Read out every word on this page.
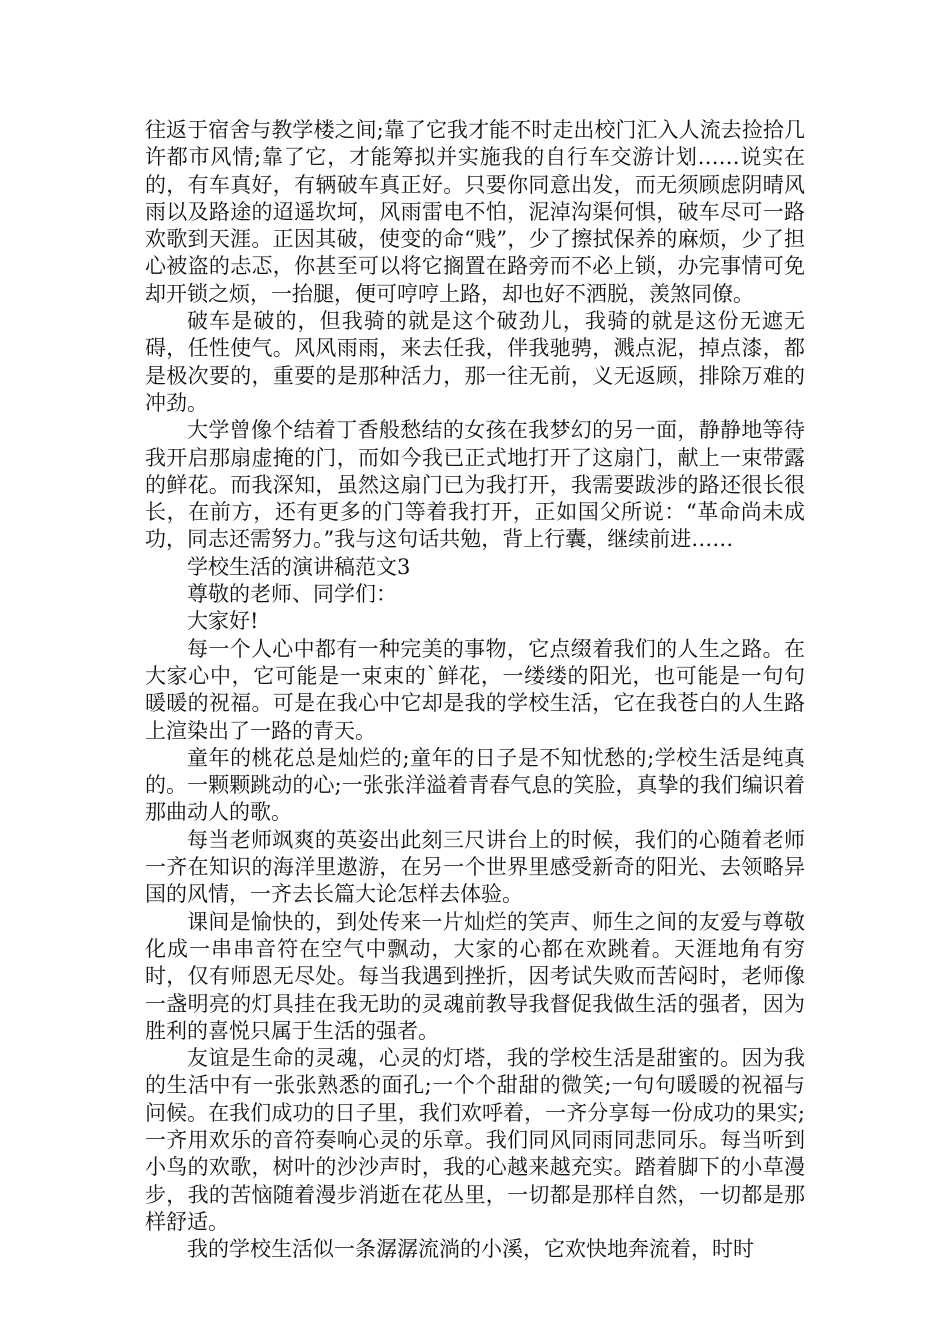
往返于宿舍与教学楼之间;靠了它我才能不时走出校门汇入人流去捡拾几许都市风情;靠了它，才能筹拟并实施我的自行车交游计划……说实在的，有车真好，有辆破车真正好。只要你同意出发，而无须顾虑阴晴风雨以及路途的迢遥坎坷，风雨雷电不怕，泥淖沟渠何惧，破车尽可一路欢歌到天涯。正因其破，使变的命“贱”，少了擦拭保养的麻烦，少了担心被盗的忐忑，你甚至可以将它搁置在路旁而不必上锁，办完事情可免却开锁之烦，一抬腿，便可哼哼上路，却也好不洒脱，羡煞同僚。

破车是破的，但我骑的就是这个破劲儿，我骑的就是这份无遮无碍，任性使气。风风雨雨，来去任我，伴我驰骋，溅点泥，掉点漆，都是极次要的，重要的是那种活力，那一往无前，义无返顾，排除万难的冲劲。

大学曾像个结着丁香般愁结的女孩在我梦幻的另一面，静静地等待我开启那扇虚掩的门，而如今我已正式地打开了这扇门，献上一束带露的鲜花。而我深知，虽然这扇门已为我打开，我需要跋涉的路还很长很长，在前方，还有更多的门等着我打开，正如国父所说：“革命尚未成功，同志还需努力。”我与这句话共勉，背上行囊，继续前进……

学校生活的演讲稿范文3

尊敬的老师、同学们：

大家好!

每一个人心中都有一种完美的事物，它点缀着我们的人生之路。在大家心中，它可能是一束束的`鲜花，一缕缕的阳光，也可能是一句句暖暖的祝福。可是在我心中它却是我的学校生活，它在我苍白的人生路上渲染出了一路的青天。

童年的桃花总是灿烂的;童年的日子是不知忧愁的;学校生活是纯真的。一颗颗跳动的心;一张张洋溢着青春气息的笑脸，真挚的我们编识着那曲动人的歌。

每当老师飒爽的英姿出此刻三尺讲台上的时候，我们的心随着老师一齐在知识的海洋里遨游，在另一个世界里感受新奇的阳光、去领略异国的风情，一齐去长篇大论怎样去体验。

课间是愉快的，到处传来一片灿烂的笑声、师生之间的友爱与尊敬化成一串串音符在空气中飘动，大家的心都在欢跳着。天涯地角有穷时，仅有师恩无尽处。每当我遇到挫折，因考试失败而苦闷时，老师像一盏明亮的灯具挂在我无助的灵魂前教导我督促我做生活的强者，因为胜利的喜悦只属于生活的强者。

友谊是生命的灵魂，心灵的灯塔，我的学校生活是甜蜜的。因为我的生活中有一张张熟悉的面孔;一个个甜甜的微笑;一句句暖暖的祝福与问候。在我们成功的日子里，我们欢呼着，一齐分享每一份成功的果实;一齐用欢乐的音符奏响心灵的乐章。我们同风同雨同悲同乐。每当听到小鸟的欢歌，树叶的沙沙声时，我的心越来越充实。踏着脚下的小草漫步，我的苦恼随着漫步消逝在花丛里，一切都是那样自然，一切都是那样舒适。

我的学校生活似一条潺潺流淌的小溪，它欢快地奔流着，时时
